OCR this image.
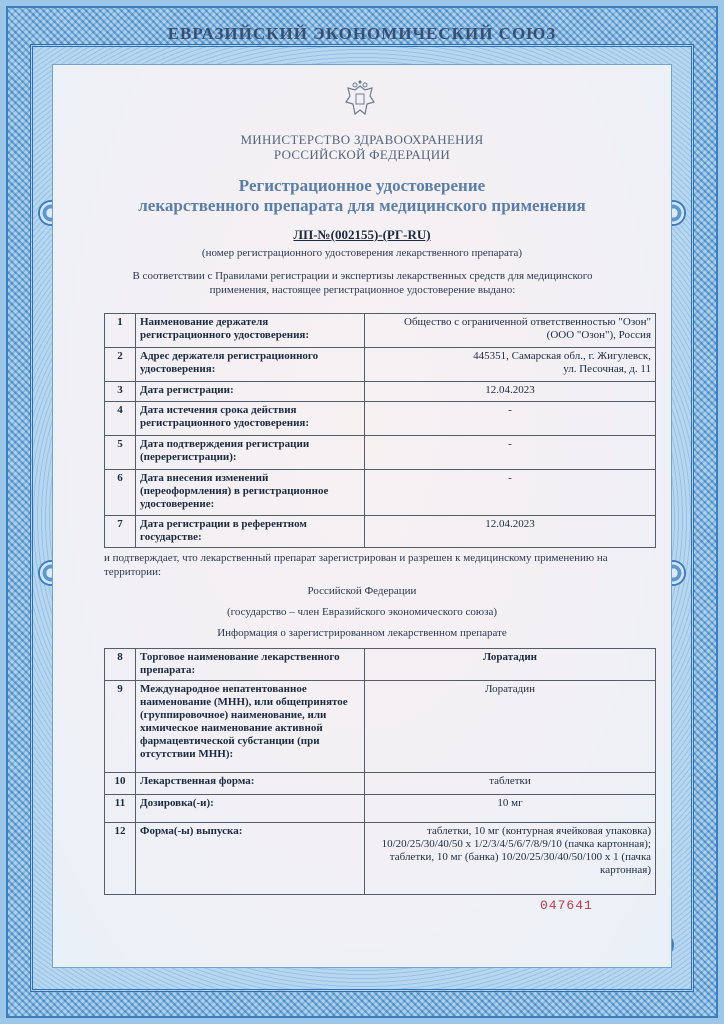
ЕВРАЗИЙСКИЙ ЭКОНОМИЧЕСКИЙ СОЮЗ
МИНИСТЕРСТВО ЗДРАВООХРАНЕНИЯ
РОССИЙСКОЙ ФЕДЕРАЦИИ
Регистрационное удостоверение
лекарственного препарата для медицинского применения
ЛП-№(002155)-(РГ-RU)
(номер регистрационного удостоверения лекарственного препарата)
В соответствии с Правилами регистрации и экспертизы лекарственных средств для медицинского
применения, настоящее регистрационное удостоверение выдано:
1	Наименование держателя регистрационного удостоверения:	Общество с ограниченной ответственностью "Озон"
(ООО "Озон"), Россия

2	Адрес держателя регистрационного удостоверения:	445351, Самарская обл., г. Жигулевск,
ул. Песочная, д. 11

3	Дата регистрации:	12.04.2023
4	Дата истечения срока действия регистрационного удостоверения:	-
5	Дата подтверждения регистрации (перерегистрации):	-
6	Дата внесения изменений (переоформления) в регистрационное удостоверение:	-
7	Дата регистрации в референтном государстве:	12.04.2023
и подтверждает, что лекарственный препарат зарегистрирован и разрешен к медицинскому применению на территории:
Российской Федерации
(государство – член Евразийского экономического союза)
Информация о зарегистрированном лекарственном препарате
8	Торговое наименование лекарственного препарата:	Лоратадин
9	Международное непатентованное наименование (МНН), или общепринятое (группировочное) наименование, или химическое наименование активной фармацевтической субстанции (при отсутствии МНН):	Лоратадин
10	Лекарственная форма:	таблетки
11	Дозировка(-и):	10 мг
12	Форма(-ы) выпуска:	таблетки, 10 мг (контурная ячейковая упаковка) 10/20/25/30/40/50 x 1/2/3/4/5/6/7/8/9/10 (пачка картонная); таблетки, 10 мг (банка) 10/20/25/30/40/50/100 x 1 (пачка картонная)
047641
